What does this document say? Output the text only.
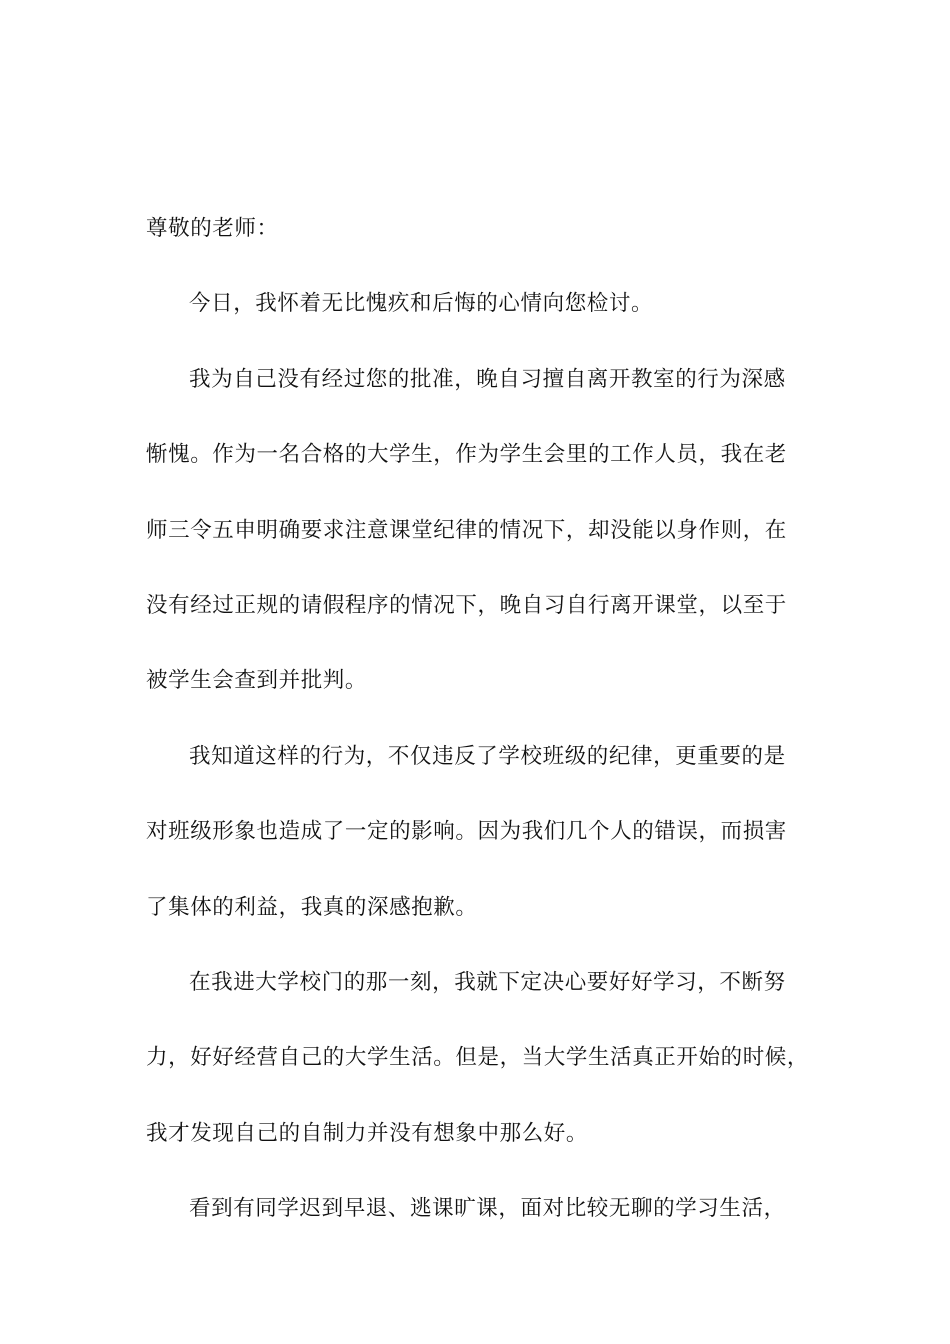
尊敬的老师：
今日，我怀着无比愧疚和后悔的心情向您检讨。
我为自己没有经过您的批准，晚自习擅自离开教室的行为深感
惭愧。作为一名合格的大学生，作为学生会里的工作人员，我在老
师三令五申明确要求注意课堂纪律的情况下，却没能以身作则，在
没有经过正规的请假程序的情况下，晚自习自行离开课堂，以至于
被学生会查到并批判。
我知道这样的行为，不仅违反了学校班级的纪律，更重要的是
对班级形象也造成了一定的影响。因为我们几个人的错误，而损害
了集体的利益，我真的深感抱歉。
在我进大学校门的那一刻，我就下定决心要好好学习，不断努
力，好好经营自己的大学生活。但是，当大学生活真正开始的时候，
我才发现自己的自制力并没有想象中那么好。
看到有同学迟到早退、逃课旷课，面对比较无聊的学习生活，
